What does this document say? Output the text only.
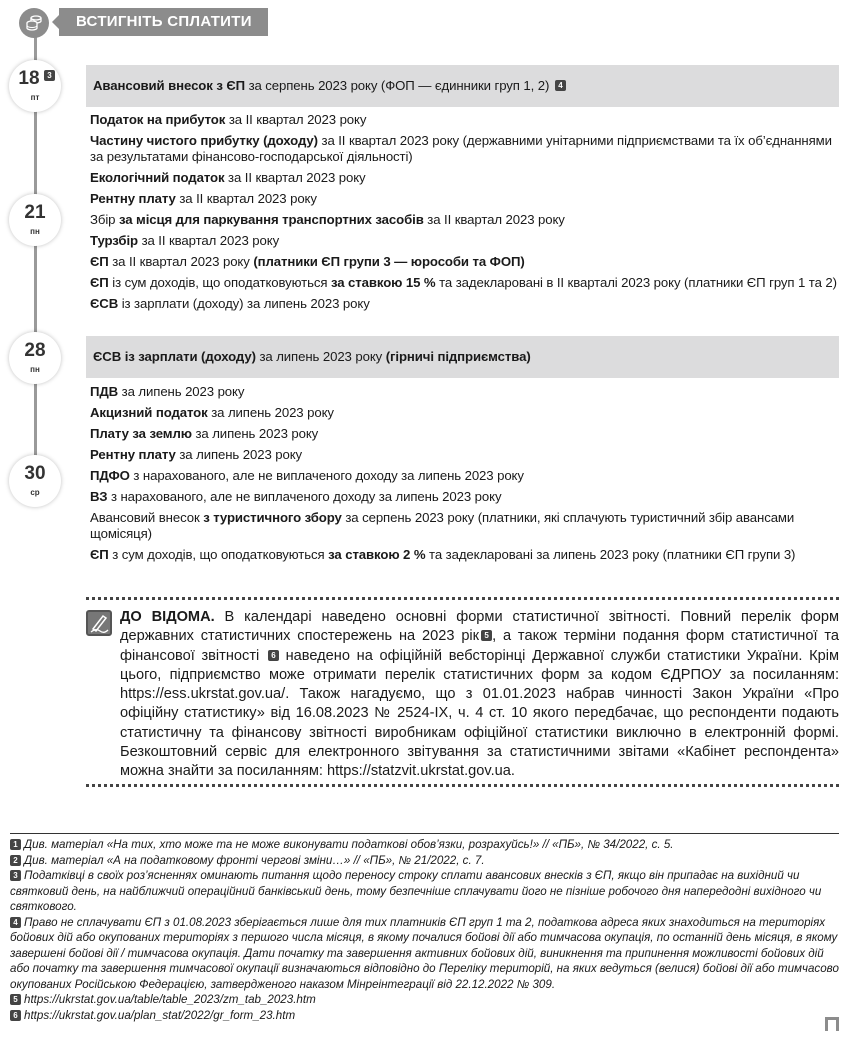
ВСТИГНІТЬ СПЛАТИТИ
18 3
пт
21
пн
28
пн
30
ср
Авансовий внесок з ЄП за серпень 2023 року (ФОП — єдинники груп 1, 2) 4
Податок на прибуток за ІІ квартал 2023 року
Частину чистого прибутку (доходу) за ІІ квартал 2023 року (державними унітарними підприємствами та їх об’єднаннями за результатами фінансово-господарської діяльності)
Екологічний податок за ІІ квартал 2023 року
Рентну плату за ІІ квартал 2023 року
Збір за місця для паркування транспортних засобів за ІІ квартал 2023 року
Турзбір за ІІ квартал 2023 року
ЄП за ІІ квартал 2023 року (платники ЄП групи 3 — юрособи та ФОП)
ЄП із сум доходів, що оподатковуються за ставкою 15 % та задекларовані в ІІ кварталі 2023 року (платники ЄП груп 1 та 2)
ЄСВ із зарплати (доходу) за липень 2023 року
ЄСВ із зарплати (доходу) за липень 2023 року (гірничі підприємства)
ПДВ за липень 2023 року
Акцизний податок за липень 2023 року
Плату за землю за липень 2023 року
Рентну плату за липень 2023 року
ПДФО з нарахованого, але не виплаченого доходу за липень 2023 року
ВЗ з нарахованого, але не виплаченого доходу за липень 2023 року
Авансовий внесок з туристичного збору за серпень 2023 року (платники, які сплачують туристичний збір авансами щомісяця)
ЄП з сум доходів, що оподатковуються за ставкою 2 % та задекларовані за липень 2023 року (платники ЄП групи 3)
ДО ВІДОМА. В календарі наведено основні форми статистичної звітності. Повний перелік форм державних статистичних спостережень на 2023 рік 5 , а також терміни подання форм статистичної та фінансової звітності 6 наведено на офіційній вебсторінці Державної служби статистики України. Крім цього, підприємство може отримати перелік статистичних форм за кодом ЄДРПОУ за посиланням: https://ess.ukrstat.gov.ua/. Також нагадуємо, що з 01.01.2023 набрав чинності Закон України «Про офіційну статистику» від 16.08.2023 № 2524-IX, ч. 4 ст. 10 якого передбачає, що респонденти подають статистичну та фінансову звітності виробникам офіційної статистики виключно в електронній формі. Безкоштовний сервіс для електронного звітування за статистичними звітами «Кабінет респондента» можна знайти за посиланням: https://statzvit.ukrstat.gov.ua.
1 Див. матеріал «На тих, хто може та не може виконувати податкові обов’язки, розрахуйсь!» // «ПБ», № 34/2022, с. 5.
2 Див. матеріал «А на податковому фронті чергові зміни…» // «ПБ», № 21/2022, с. 7.
3 Податківці в своїх роз’ясненнях оминають питання щодо переносу строку сплати авансових внесків з ЄП, якщо він припадає на вихідний чи святковий день, на найближчий операційний банківський день, тому безпечніше сплачувати його не пізніше робочого дня напередодні вихідного чи святкового.
4 Право не сплачувати ЄП з 01.08.2023 зберігається лише для тих платників ЄП груп 1 та 2, податкова адреса яких знаходиться на територіях бойових дій або окупованих територіях з першого числа місяця, в якому почалися бойові дії або тимчасова окупація, по останній день місяця, в якому завершені бойові дії / тимчасова окупація. Дати початку та завершення активних бойових дій, виникнення та припинення можливості бойових дій або початку та завершення тимчасової окупації визначаються відповідно до Переліку територій, на яких ведуться (велися) бойові дії або тимчасово окупованих Російською Федерацією, затвердженого наказом Мінреінтеграції від 22.12.2022 № 309.
5 https://ukrstat.gov.ua/table/table_2023/zm_tab_2023.htm
6 https://ukrstat.gov.ua/plan_stat/2022/gr_form_23.htm
